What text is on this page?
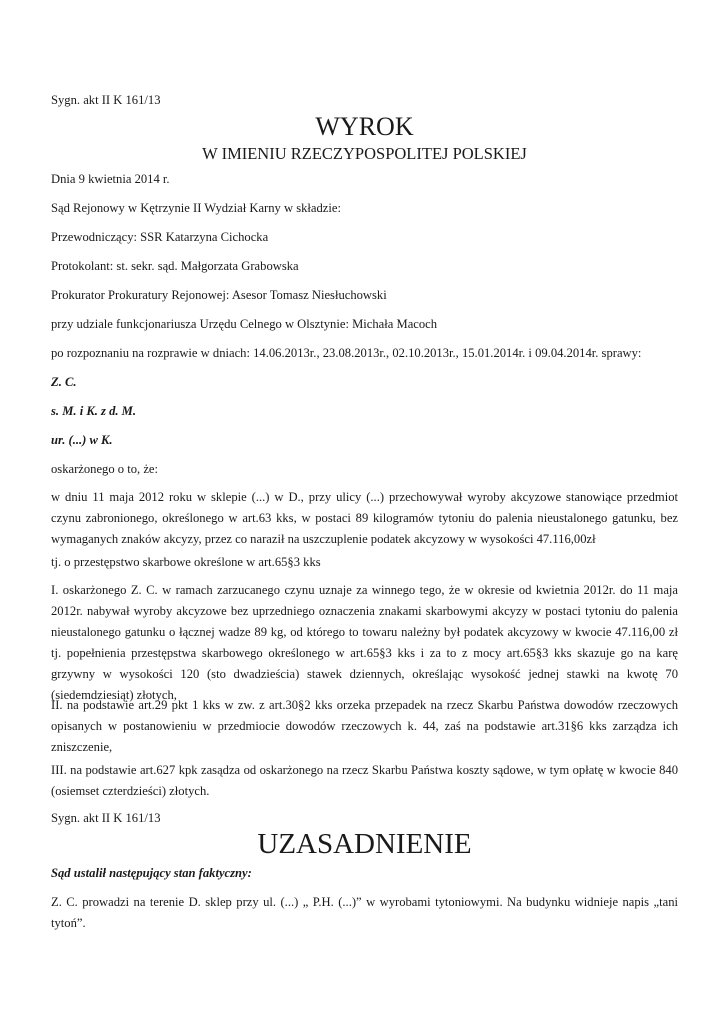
Sygn. akt II K 161/13
WYROK
W IMIENIU RZECZYPOSPOLITEJ POLSKIEJ
Dnia 9 kwietnia 2014 r.
Sąd Rejonowy w Kętrzynie II Wydział Karny w składzie:
Przewodniczący: SSR Katarzyna Cichocka
Protokolant: st. sekr. sąd. Małgorzata Grabowska
Prokurator Prokuratury Rejonowej: Asesor Tomasz Niesłuchowski
przy udziale funkcjonariusza Urzędu Celnego w Olsztynie: Michała Macoch
po rozpoznaniu na rozprawie w dniach: 14.06.2013r., 23.08.2013r., 02.10.2013r., 15.01.2014r. i 09.04.2014r. sprawy:
Z. C.
s. M. i K. z d. M.
ur. (...) w K.
oskarżonego o to, że:
w dniu 11 maja 2012 roku w sklepie (...) w D., przy ulicy (...) przechowywał wyroby akcyzowe stanowiące przedmiot czynu zabronionego, określonego w art.63 kks, w postaci 89 kilogramów tytoniu do palenia nieustalonego gatunku, bez wymaganych znaków akcyzy, przez co naraził na uszczuplenie podatek akcyzowy w wysokości 47.116,00zł
tj. o przestępstwo skarbowe określone w art.65§3 kks
I. oskarżonego Z. C. w ramach zarzucanego czynu uznaje za winnego tego, że w okresie od kwietnia 2012r. do 11 maja 2012r. nabywał wyroby akcyzowe bez uprzedniego oznaczenia znakami skarbowymi akcyzy w postaci tytoniu do palenia nieustalonego gatunku o łącznej wadze 89 kg, od którego to towaru należny był podatek akcyzowy w kwocie 47.116,00 zł tj. popełnienia przestępstwa skarbowego określonego w art.65§3 kks i za to z mocy art.65§3 kks skazuje go na karę grzywny w wysokości 120 (sto dwadzieścia) stawek dziennych, określając wysokość jednej stawki na kwotę 70 (siedemdziesiąt) złotych,
II. na podstawie art.29 pkt 1 kks w zw. z art.30§2 kks orzeka przepadek na rzecz Skarbu Państwa dowodów rzeczowych opisanych w postanowieniu w przedmiocie dowodów rzeczowych k. 44, zaś na podstawie art.31§6 kks zarządza ich zniszczenie,
III. na podstawie art.627 kpk zasądza od oskarżonego na rzecz Skarbu Państwa koszty sądowe, w tym opłatę w kwocie 840 (osiemset czterdzieści) złotych.
Sygn. akt II K 161/13
UZASADNIENIE
Sąd ustalił następujący stan faktyczny:
Z. C. prowadzi na terenie D. sklep przy ul. (...) „ P.H. (...)” w wyrobami tytoniowymi. Na budynku widnieje napis „tani tytoń”.
